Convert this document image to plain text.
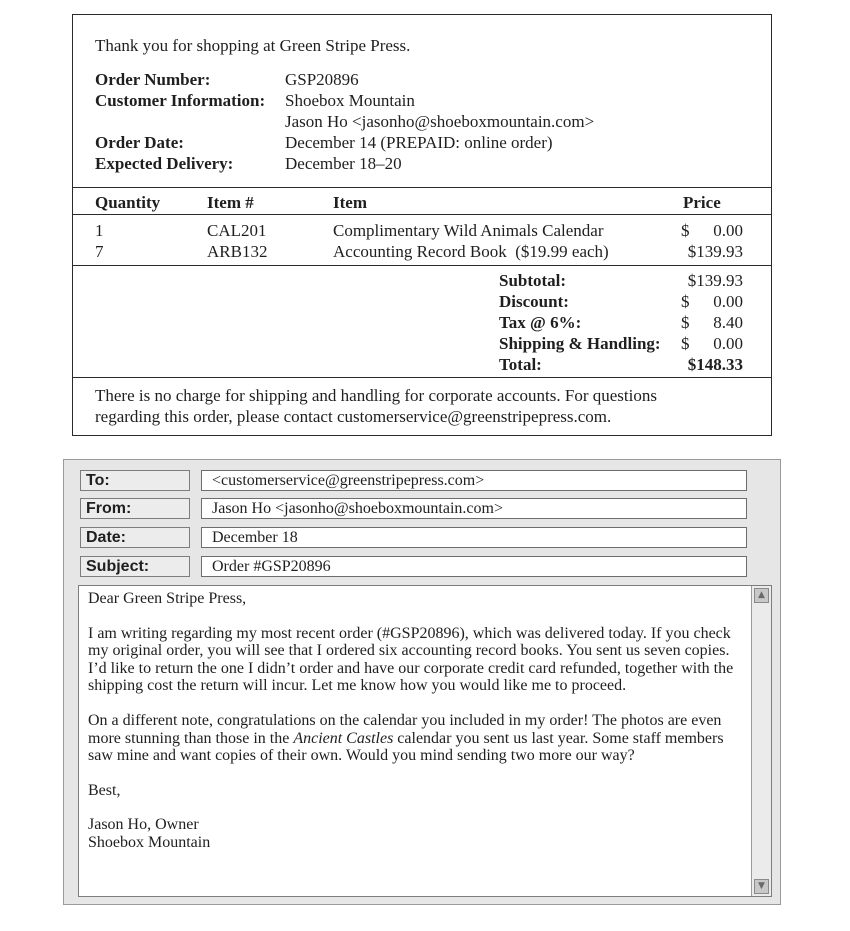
Thank you for shopping at Green Stripe Press.
Order Number:	GSP20896
Customer Information: Shoebox Mountain
Jason Ho <jasonho@shoeboxmountain.com>
Order Date:	December 14 (PREPAID: online order)
Expected Delivery:	December 18–20
Quantity	Item #	Item	Price
1	CAL201	Complimentary Wild Animals Calendar	$ 0.00
7	ARB132	Accounting Record Book  ($19.99 each)	$139.93
Subtotal:	$139.93
Discount:	$ 0.00
Tax @ 6%:	$ 8.40
Shipping & Handling: $ 0.00
Total:	$148.33
There is no charge for shipping and handling for corporate accounts. For questions
regarding this order, please contact customerservice@greenstripepress.com.
To:	<customerservice@greenstripepress.com>
From:	Jason Ho <jasonho@shoeboxmountain.com>
Date:	December 18
Subject:	Order #GSP20896

Dear Green Stripe Press,

I am writing regarding my most recent order (#GSP20896), which was delivered today. If you check my original order, you will see that I ordered six accounting record books. You sent us seven copies. I’d like to return the one I didn’t order and have our corporate credit card refunded, together with the shipping cost the return will incur. Let me know how you would like me to proceed.

On a different note, congratulations on the calendar you included in my order! The photos are even more stunning than those in the Ancient Castles calendar you sent us last year. Some staff members saw mine and want copies of their own. Would you mind sending two more our way?

Best,

Jason Ho, Owner
Shoebox Mountain
▲
▼
